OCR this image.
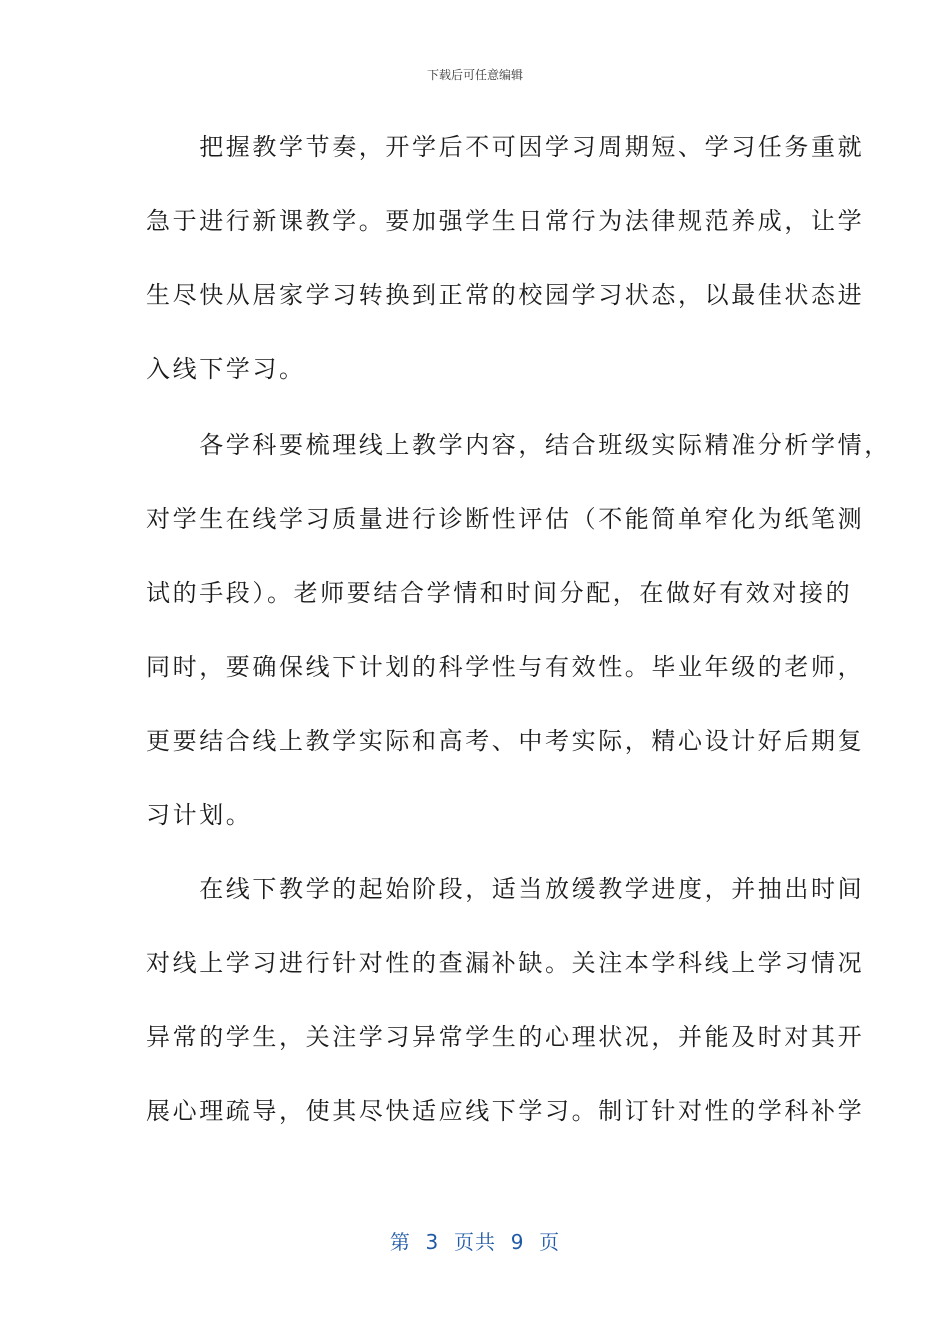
下载后可任意编辑
　　把握教学节奏，开学后不可因学习周期短、学习任务重就
急于进行新课教学。要加强学生日常行为法律规范养成，让学
生尽快从居家学习转换到正常的校园学习状态，以最佳状态进
入线下学习。
　　各学科要梳理线上教学内容，结合班级实际精准分析学情，
对学生在线学习质量进行诊断性评估（不能简单窄化为纸笔测
试的手段）。老师要结合学情和时间分配，在做好有效对接的
同时，要确保线下计划的科学性与有效性。毕业年级的老师，
更要结合线上教学实际和高考、中考实际，精心设计好后期复
习计划。
　　在线下教学的起始阶段，适当放缓教学进度，并抽出时间
对线上学习进行针对性的查漏补缺。关注本学科线上学习情况
异常的学生，关注学习异常学生的心理状况，并能及时对其开
展心理疏导，使其尽快适应线下学习。制订针对性的学科补学
第  3  页共  9  页
